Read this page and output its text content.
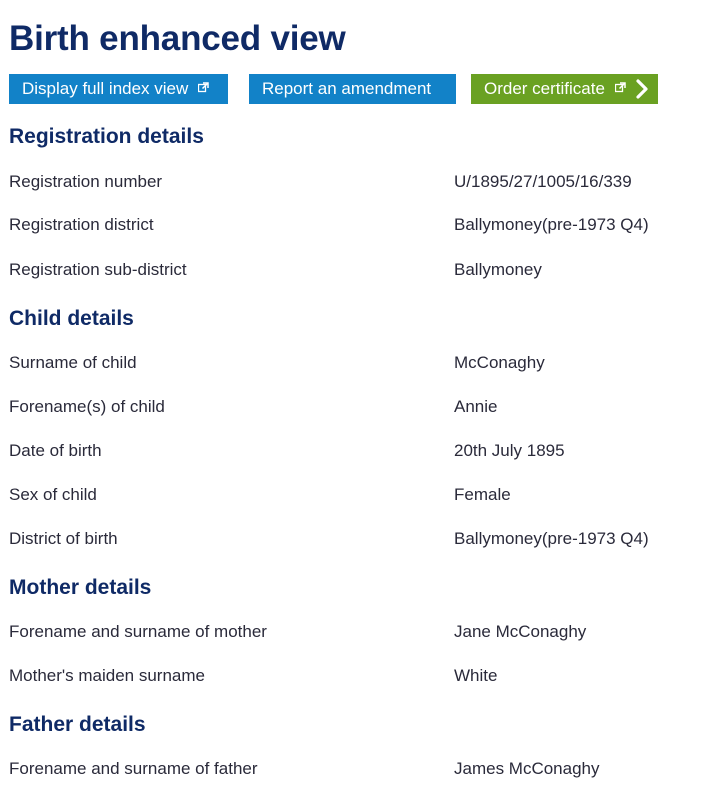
Birth enhanced view
Display full index view	Report an amendment	Order certificate
Registration details
Registration number	U/1895/27/1005/16/339
Registration district	Ballymoney(pre-1973 Q4)
Registration sub-district	Ballymoney
Child details
Surname of child	McConaghy
Forename(s) of child	Annie
Date of birth	20th July 1895
Sex of child	Female
District of birth	Ballymoney(pre-1973 Q4)
Mother details
Forename and surname of mother	Jane McConaghy
Mother's maiden surname	White
Father details
Forename and surname of father	James McConaghy
